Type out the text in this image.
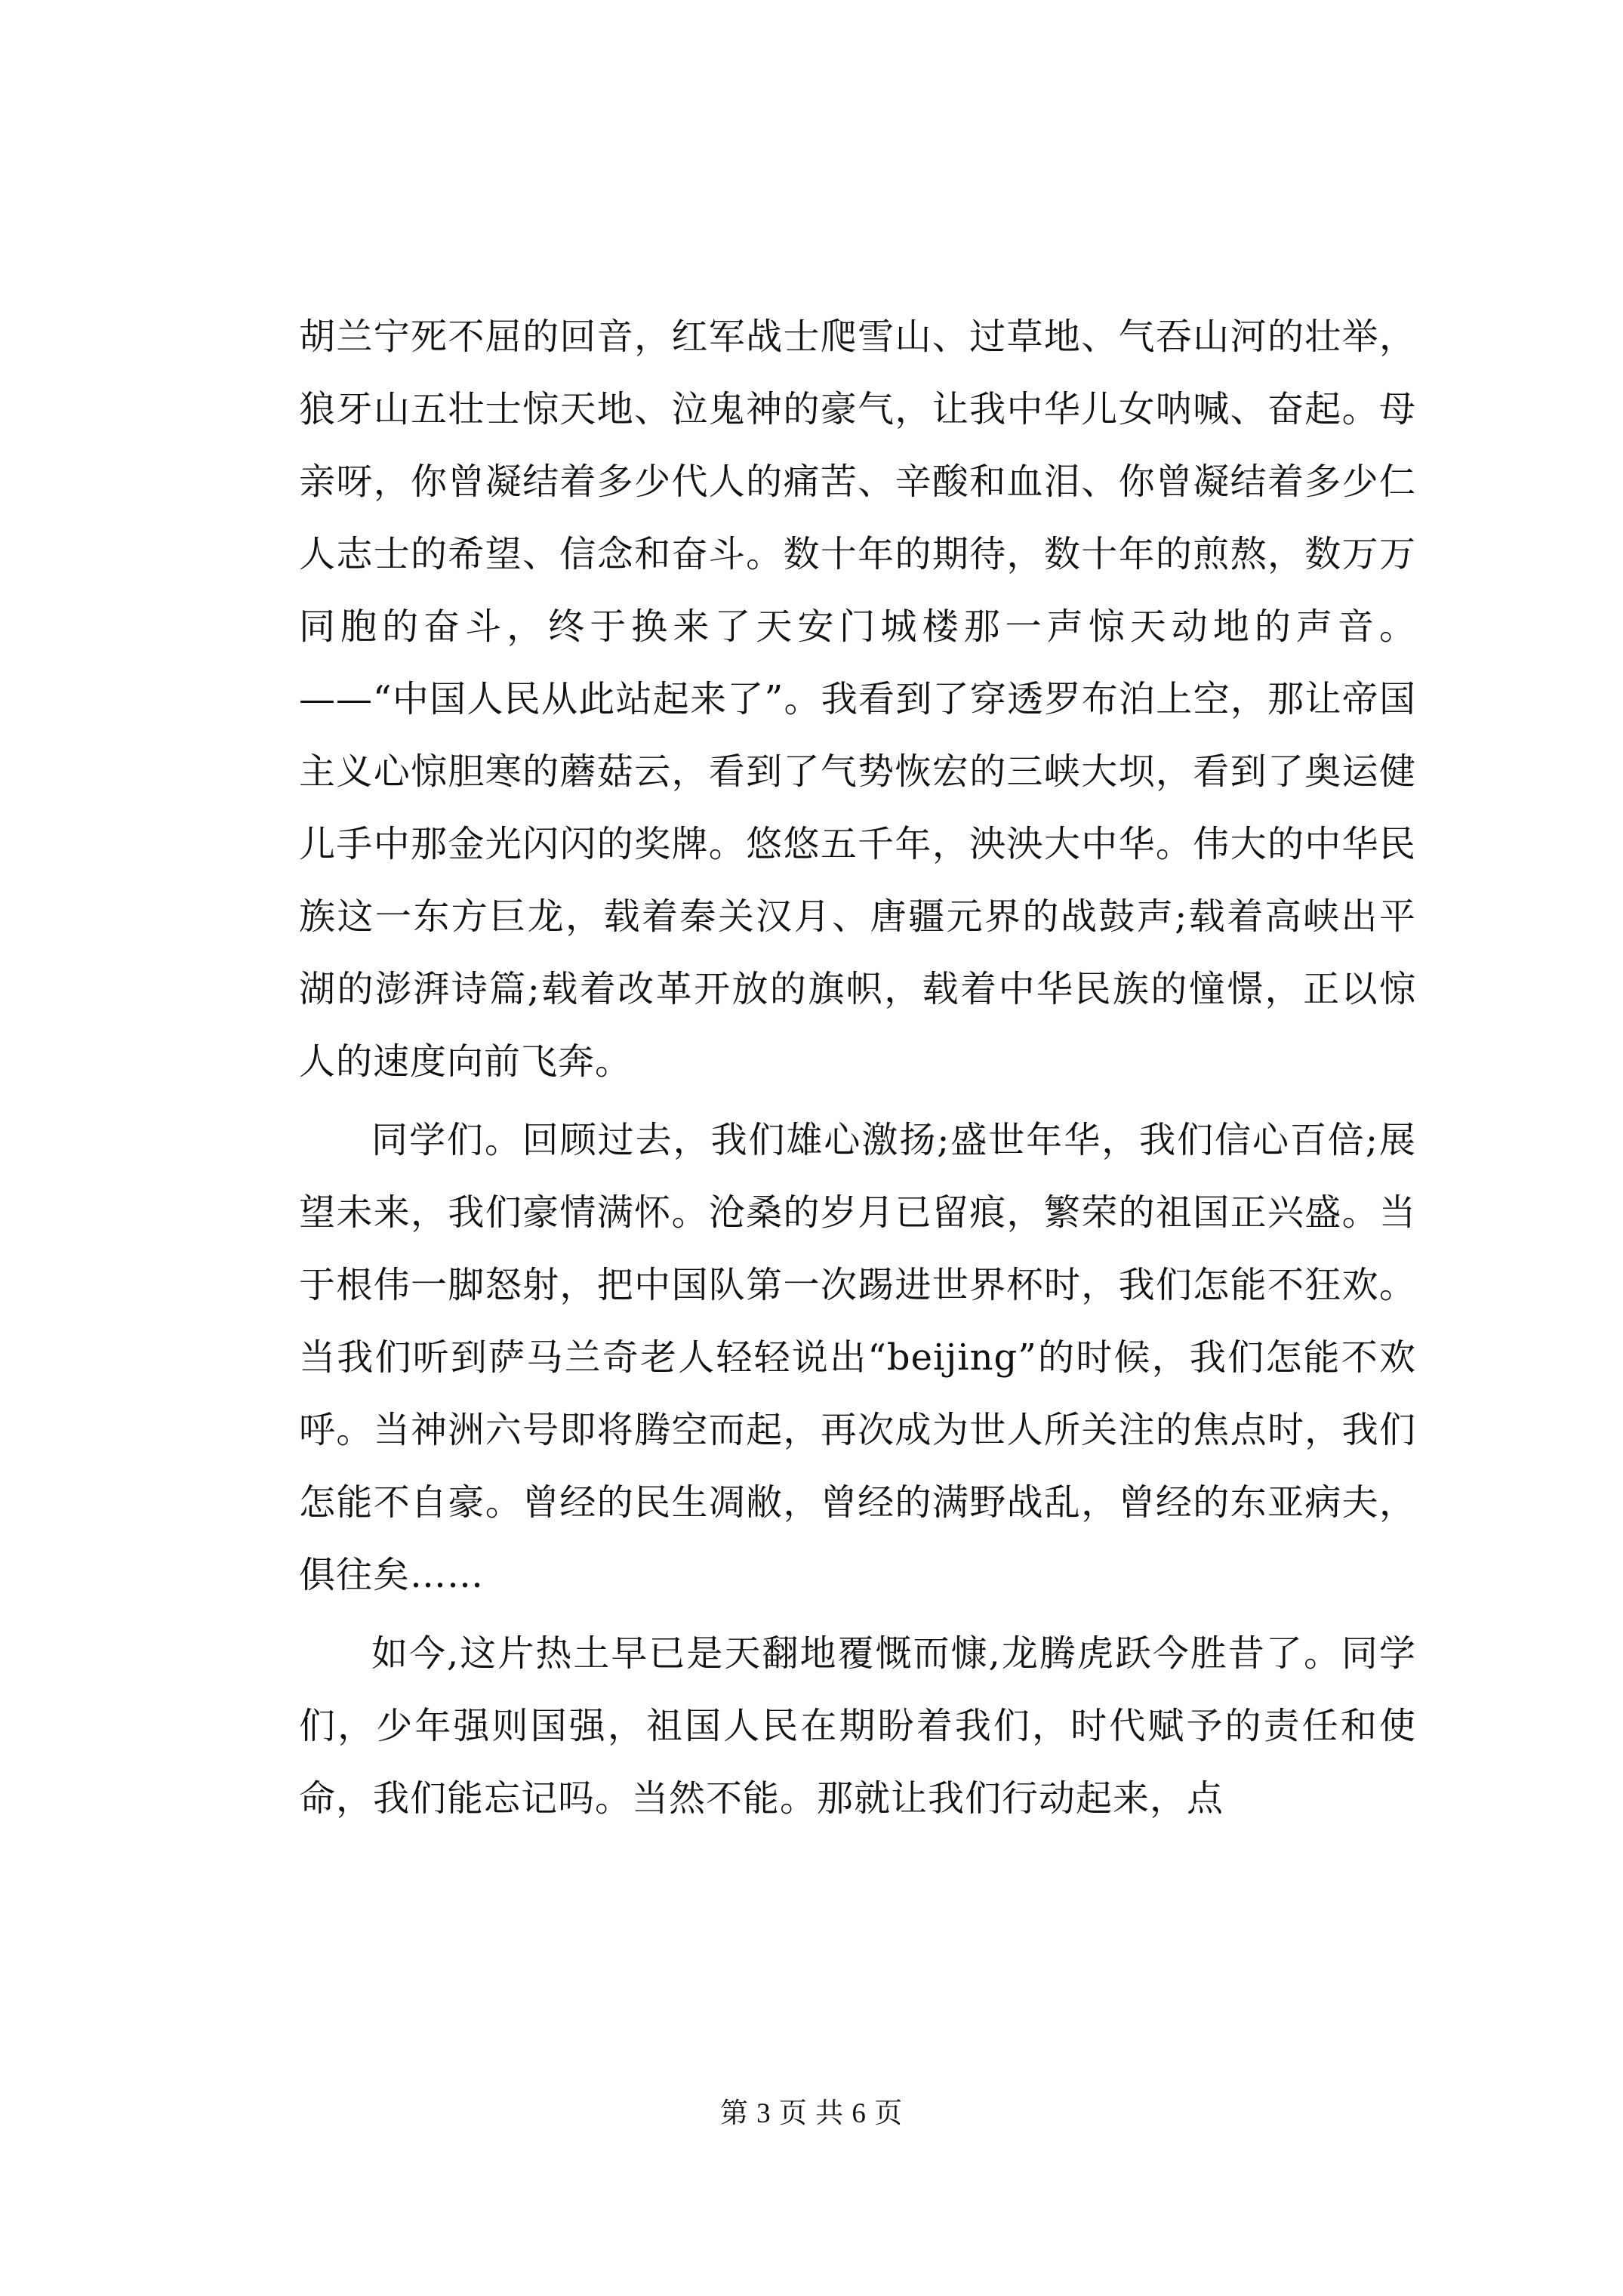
胡兰宁死不屈的回音，红军战士爬雪山、过草地、气吞山河的壮举，狼牙山五壮士惊天地、泣鬼神的豪气，让我中华儿女呐喊、奋起。母亲呀，你曾凝结着多少代人的痛苦、辛酸和血泪、你曾凝结着多少仁人志士的希望、信念和奋斗。数十年的期待，数十年的煎熬，数万万同胞的奋斗，终于换来了天安门城楼那一声惊天动地的声音。——“中国人民从此站起来了”。我看到了穿透罗布泊上空，那让帝国主义心惊胆寒的蘑菇云，看到了气势恢宏的三峡大坝，看到了奥运健儿手中那金光闪闪的奖牌。悠悠五千年，泱泱大中华。伟大的中华民族这一东方巨龙，载着秦关汉月、唐疆元界的战鼓声;载着高峡出平湖的澎湃诗篇;载着改革开放的旗帜，载着中华民族的憧憬，正以惊人的速度向前飞奔。

同学们。回顾过去，我们雄心激扬;盛世年华，我们信心百倍;展望未来，我们豪情满怀。沧桑的岁月已留痕，繁荣的祖国正兴盛。当于根伟一脚怒射，把中国队第一次踢进世界杯时，我们怎能不狂欢。当我们听到萨马兰奇老人轻轻说出“beijing”的时候，我们怎能不欢呼。当神洲六号即将腾空而起，再次成为世人所关注的焦点时，我们怎能不自豪。曾经的民生凋敝，曾经的满野战乱，曾经的东亚病夫，俱往矣……

如今,这片热土早已是天翻地覆慨而慷,龙腾虎跃今胜昔了。同学们，少年强则国强，祖国人民在期盼着我们，时代赋予的责任和使命，我们能忘记吗。当然不能。那就让我们行动起来，点

第 3 页 共 6 页
